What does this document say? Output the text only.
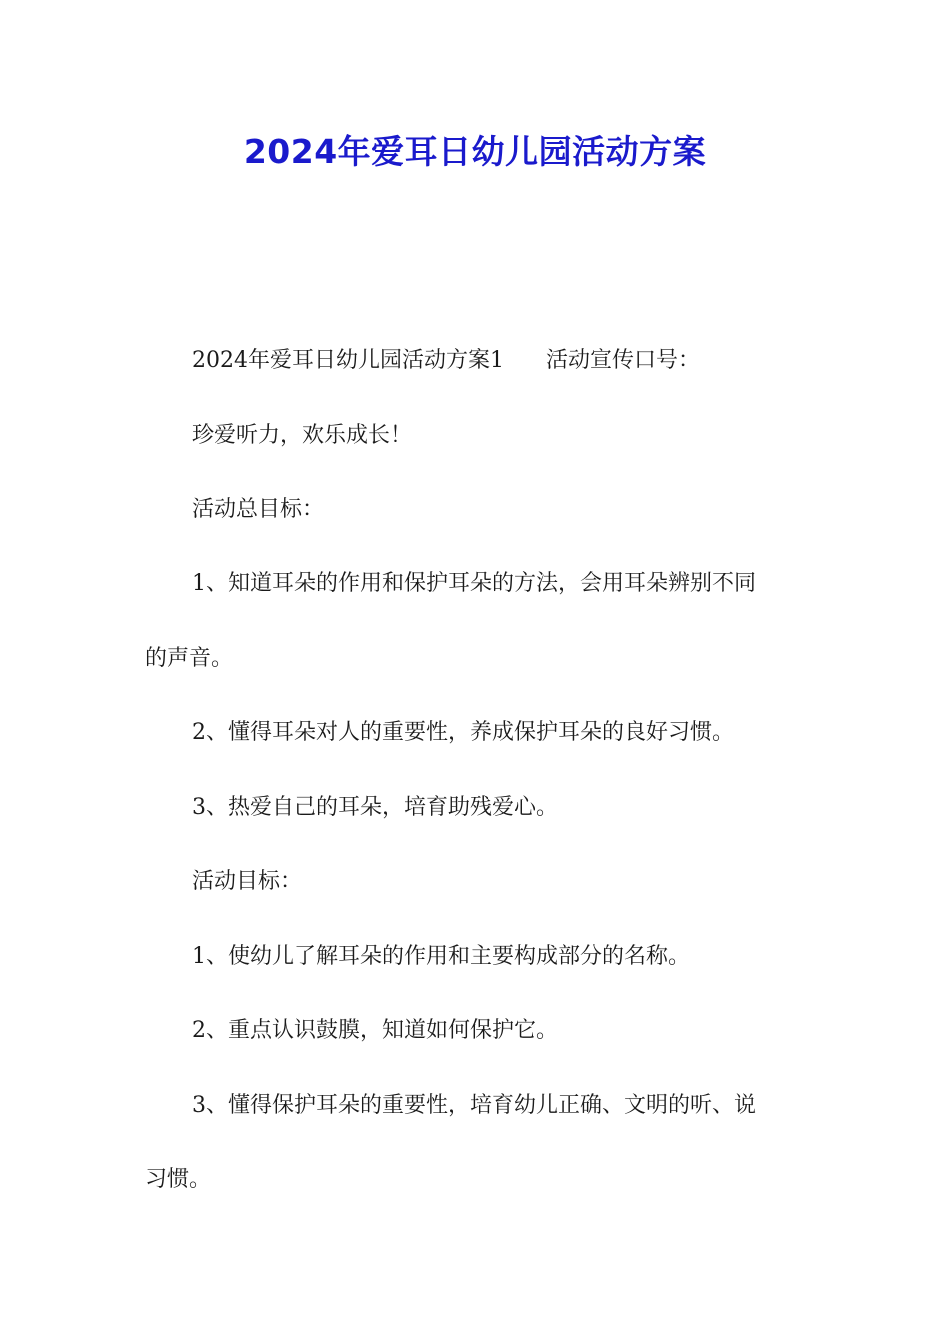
2024年爱耳日幼儿园活动方案

2024年爱耳日幼儿园活动方案1 活动宣传口号：

珍爱听力，欢乐成长！

活动总目标：

1、知道耳朵的作用和保护耳朵的方法，会用耳朵辨别不同

的声音。

2、懂得耳朵对人的重要性，养成保护耳朵的良好习惯。

3、热爱自己的耳朵，培育助残爱心。

活动目标：

1、使幼儿了解耳朵的作用和主要构成部分的名称。

2、重点认识鼓膜，知道如何保护它。

3、懂得保护耳朵的重要性，培育幼儿正确、文明的听、说

习惯。
